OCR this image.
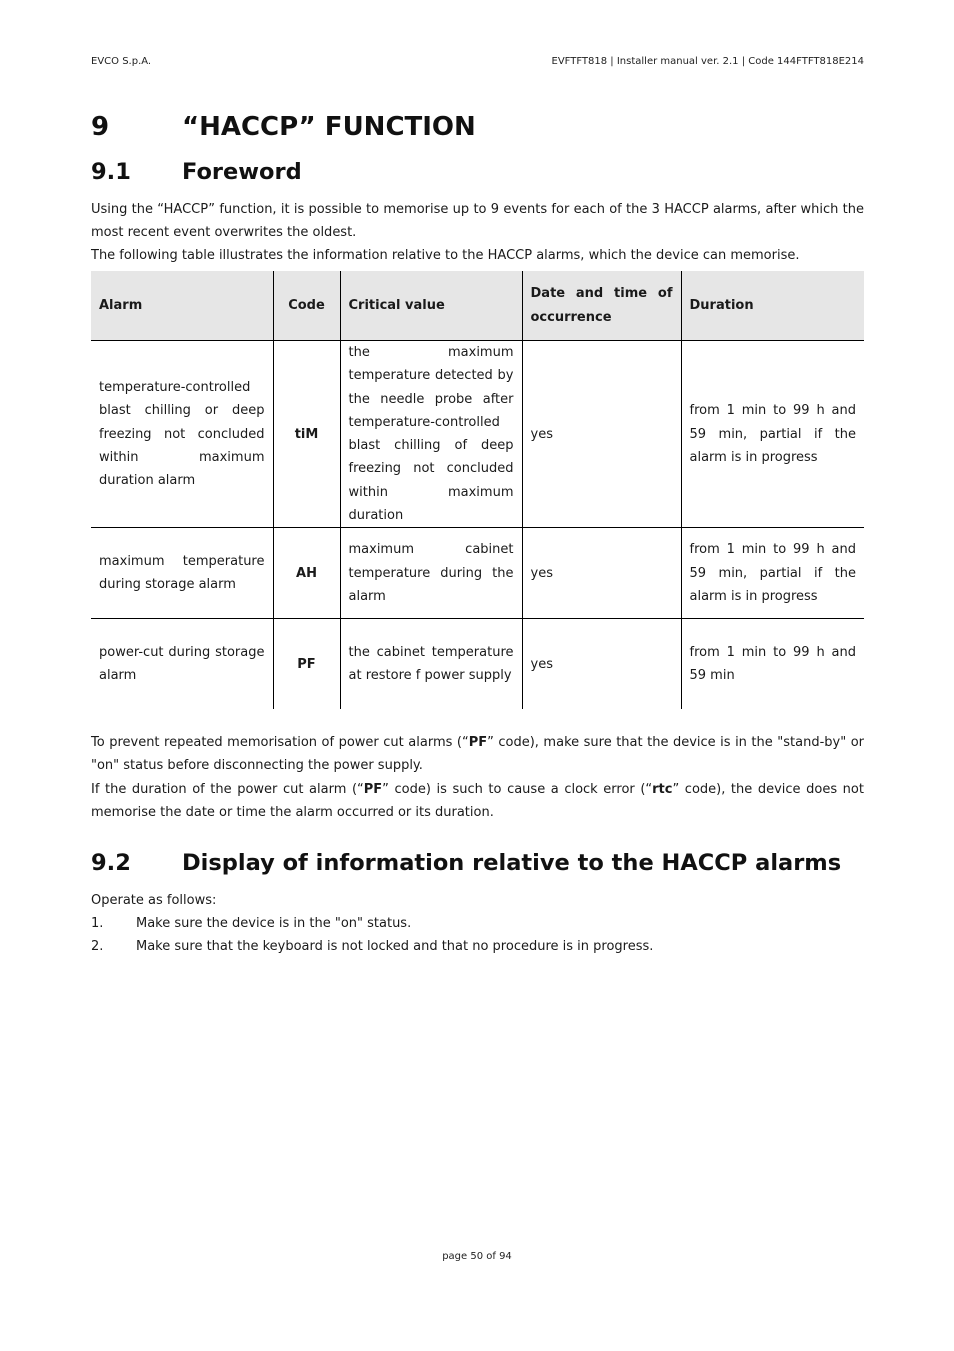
EVCO S.p.A.	EVFTFT818 | Installer manual ver. 2.1 | Code 144FTFT818E214
9	“HACCP” FUNCTION
9.1 Foreword

Using the “HACCP” function, it is possible to memorise up to 9 events for each of the 3 HACCP alarms, after which the most recent event overwrites the oldest.

The following table illustrates the information relative to the HACCP alarms, which the device can memorise.

Alarm	Code	Critical value	Date and time of occurrence	Duration
temperature-controlled blast chilling or deep freezing not concluded within maximum duration alarm	tiM	the maximum temperature detected by the needle probe after temperature-controlled blast chilling of deep freezing not concluded within maximum duration	yes	from 1 min to 99 h and 59 min, partial if the alarm is in progress
maximum temperature during storage alarm	AH	maximum cabinet temperature during the alarm	yes	from 1 min to 99 h and 59 min, partial if the alarm is in progress
power-cut during storage alarm	PF	the cabinet temperature at restore f power supply	yes	from 1 min to 99 h and 59 min

To prevent repeated memorisation of power cut alarms (“PF” code), make sure that the device is in the "stand-by" or "on" status before disconnecting the power supply.

If the duration of the power cut alarm (“PF” code) is such to cause a clock error (“rtc” code), the device does not memorise the date or time the alarm occurred or its duration.

9.2 Display of information relative to the HACCP alarms

Operate as follows:

1.	Make sure the device is in the "on" status.
2.	Make sure that the keyboard is not locked and that no procedure is in progress.
page 50 of 94
